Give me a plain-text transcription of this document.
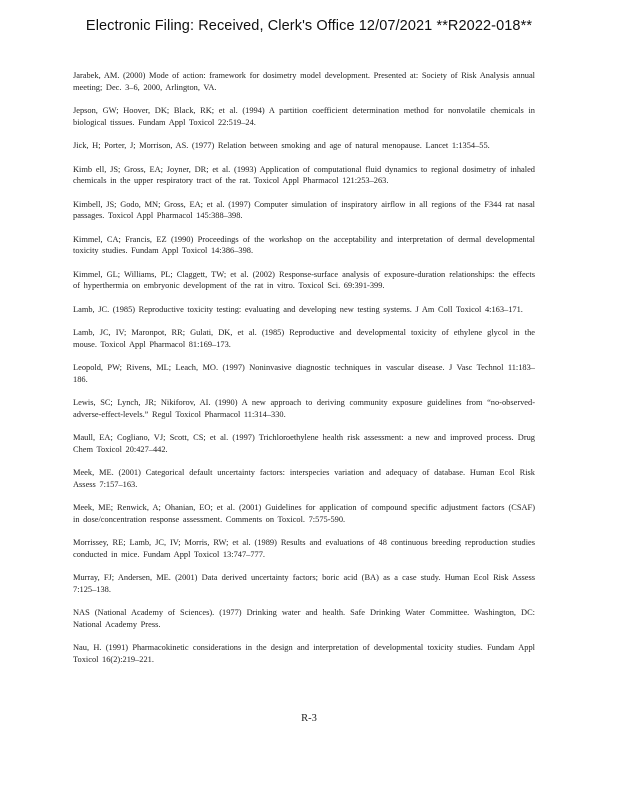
Electronic Filing: Received, Clerk's Office 12/07/2021 **R2022-018**

Jarabek, AM. (2000) Mode of action: framework for dosimetry model development. Presented at: Society of Risk Analysis annual meeting; Dec. 3–6, 2000, Arlington, VA.

Jepson, GW; Hoover, DK; Black, RK; et al. (1994) A partition coefficient determination method for nonvolatile chemicals in biological tissues. Fundam Appl Toxicol 22:519–24.

Jick, H; Porter, J; Morrison, AS. (1977) Relation between smoking and age of natural menopause. Lancet 1:1354–55.

Kimb ell, JS; Gross, EA; Joyner, DR; et al. (1993) Application of computational fluid dynamics to regional dosimetry of inhaled chemicals in the upper respiratory tract of the rat. Toxicol Appl Pharmacol 121:253–263.

Kimbell, JS; Godo, MN; Gross, EA; et al. (1997) Computer simulation of inspiratory airflow in all regions of the F344 rat nasal passages. Toxicol Appl Pharmacol 145:388–398.

Kimmel, CA; Francis, EZ (1990) Proceedings of the workshop on the acceptability and interpretation of dermal developmental toxicity studies. Fundam Appl Toxicol 14:386–398.

Kimmel, GL; Williams, PL; Claggett, TW; et al. (2002) Response-surface analysis of exposure-duration relationships: the effects of hyperthermia on embryonic development of the rat in vitro. Toxicol Sci. 69:391-399.

Lamb, JC. (1985) Reproductive toxicity testing: evaluating and developing new testing systems. J Am Coll Toxicol 4:163–171.

Lamb, JC, IV; Maronpot, RR; Gulati, DK, et al. (1985) Reproductive and developmental toxicity of ethylene glycol in the mouse. Toxicol Appl Pharmacol 81:169–173.

Leopold, PW; Rivens, ML; Leach, MO. (1997) Noninvasive diagnostic techniques in vascular disease. J Vasc Technol 11:183–186.

Lewis, SC; Lynch, JR; Nikiforov, AI. (1990) A new approach to deriving community exposure guidelines from “no-observed-adverse-effect-levels.” Regul Toxicol Pharmacol 11:314–330.

Maull, EA; Cogliano, VJ; Scott, CS; et al. (1997) Trichloroethylene health risk assessment: a new and improved process. Drug Chem Toxicol 20:427–442.

Meek, ME. (2001) Categorical default uncertainty factors: interspecies variation and adequacy of database. Human Ecol Risk Assess 7:157–163.

Meek, ME; Renwick, A; Ohanian, EO; et al. (2001) Guidelines for application of compound specific adjustment factors (CSAF) in dose/concentration response assessment. Comments on Toxicol. 7:575-590.

Morrissey, RE; Lamb, JC, IV; Morris, RW; et al. (1989) Results and evaluations of 48 continuous breeding reproduction studies conducted in mice. Fundam Appl Toxicol 13:747–777.

Murray, FJ; Andersen, ME. (2001) Data derived uncertainty factors; boric acid (BA) as a case study. Human Ecol Risk Assess 7:125–138.

NAS (National Academy of Sciences). (1977) Drinking water and health. Safe Drinking Water Committee. Washington, DC: National Academy Press.

Nau, H. (1991) Pharmacokinetic considerations in the design and interpretation of developmental toxicity studies. Fundam Appl Toxicol 16(2):219–221.

R-3
